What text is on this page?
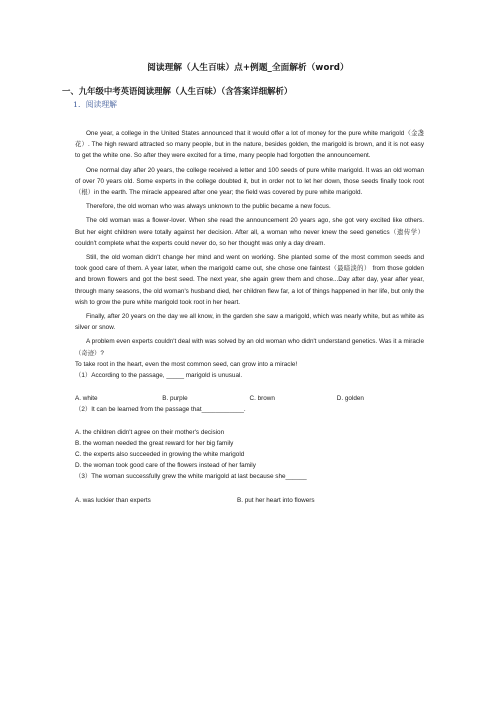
阅读理解（人生百味）点+例题_全面解析（word）
一、九年级中考英语阅读理解（人生百味）（含答案详细解析）
1．阅读理解

One year, a college in the United States announced that it would offer a lot of money for the pure white marigold（金盏花）. The high reward attracted so many people, but in the nature, besides golden, the marigold is brown, and it is not easy to get the white one. So after they were excited for a time, many people had forgotten the announcement.

One normal day after 20 years, the college received a letter and 100 seeds of pure white marigold. It was an old woman of over 70 years old. Some experts in the college doubted it, but in order not to let her down, those seeds finally took root （根）in the earth. The miracle appeared after one year; the field was covered by pure white marigold.

Therefore, the old woman who was always unknown to the public became a new focus.

The old woman was a flower-lover. When she read the announcement 20 years ago, she got very excited like others. But her eight children were totally against her decision. After all, a woman who never knew the seed genetics（遗传学） couldn't complete what the experts could never do, so her thought was only a day dream.

Still, the old woman didn't change her mind and went on working. She planted some of the most common seeds and took good care of them. A year later, when the marigold came out, she chose one faintest（最暗淡的） from those golden and brown flowers and got the best seed. The next year, she again grew them and chose...Day after day, year after year, through many seasons, the old woman's husband died, her children flew far, a lot of things happened in her life, but only the wish to grow the pure white marigold took root in her heart.

Finally, after 20 years on the day we all know, in the garden she saw a marigold, which was nearly white, but as white as silver or snow.

A problem even experts couldn't deal with was solved by an old woman who didn't understand genetics. Was it a miracle （奇迹）?

To take root in the heart, even the most common seed, can grow into a miracle!

（1）According to the passage, _____ marigold is unusual.

A. white	B. purple	C. brown	D. golden

（2）It can be learned from the passage that____________.

A. the children didn't agree on their mother's decision

B. the woman needed the great reward for her big family

C. the experts also succeeded in growing the white marigold

D. the woman took good care of the flowers instead of her family

（3）The woman successfully grew the white marigold at last because she______

A. was luckier than experts	B. put her heart into flowers
